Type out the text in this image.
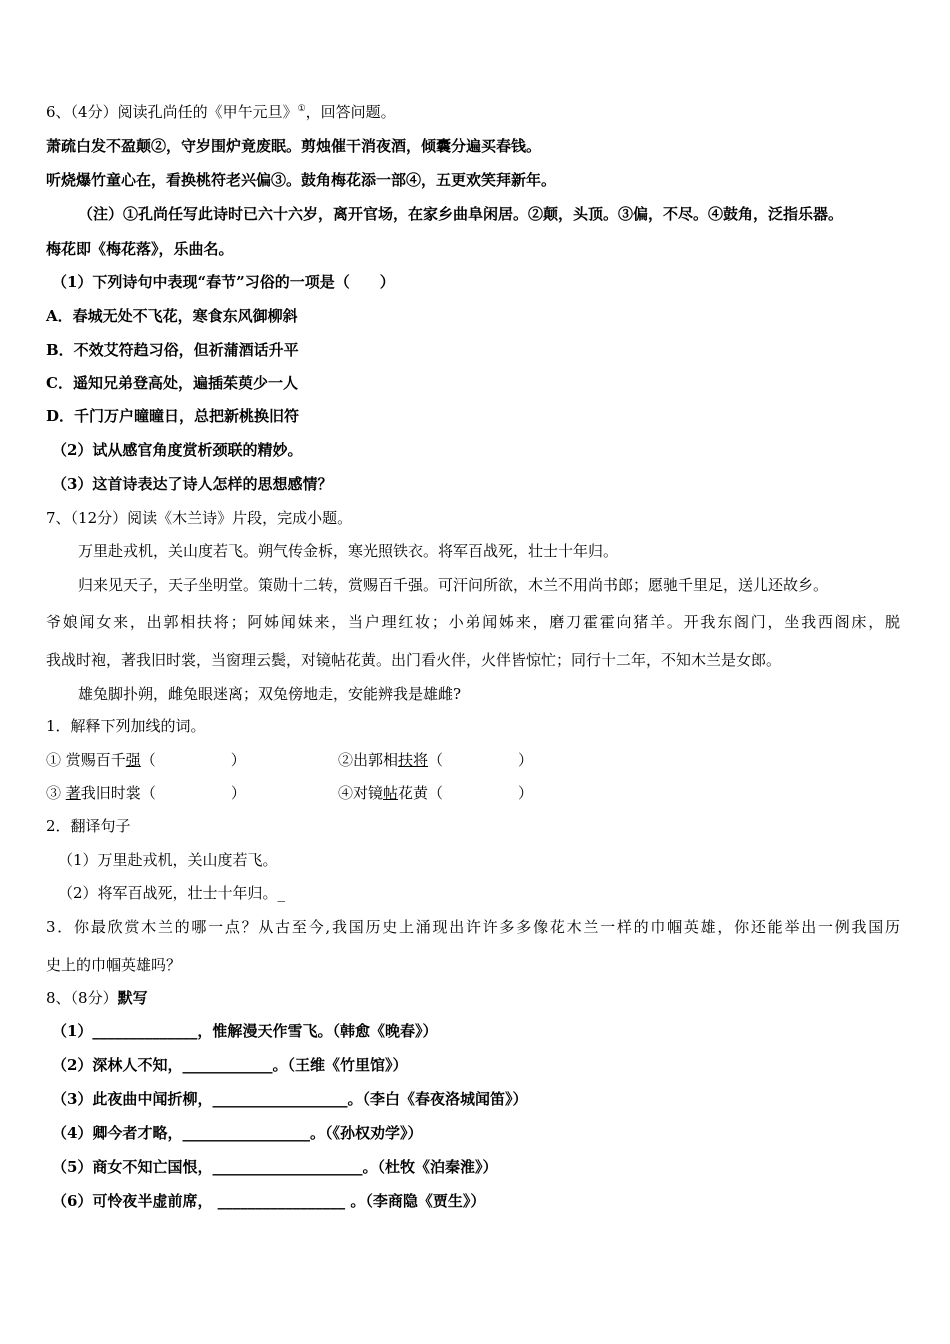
6、（4分）阅读孔尚任的《甲午元旦》①，回答问题。
萧疏白发不盈颠②，守岁围炉竟废眠。剪烛催干消夜酒，倾囊分遍买春钱。
听烧爆竹童心在，看换桃符老兴偏③。鼓角梅花添一部④，五更欢笑拜新年。
（注）①孔尚任写此诗时已六十六岁，离开官场，在家乡曲阜闲居。②颠，头顶。③偏，不尽。④鼓角，泛指乐器。
梅花即《梅花落》，乐曲名。
（1）下列诗句中表现“春节”习俗的一项是（　　）
A．春城无处不飞花，寒食东风御柳斜
B．不效艾符趋习俗，但祈蒲酒话升平
C．遥知兄弟登高处，遍插茱萸少一人
D．千门万户曈曈日，总把新桃换旧符
（2）试从感官角度赏析颈联的精妙。
（3）这首诗表达了诗人怎样的思想感情？
7、（12分）阅读《木兰诗》片段，完成小题。
万里赴戎机，关山度若飞。朔气传金柝，寒光照铁衣。将军百战死，壮士十年归。
归来见天子，天子坐明堂。策勋十二转，赏赐百千强。可汗问所欲，木兰不用尚书郎；愿驰千里足，送儿还故乡。
爷娘闻女来，出郭相扶将；阿姊闻妹来，当户理红妆；小弟闻姊来，磨刀霍霍向猪羊。开我东阁门，坐我西阁床，脱
我战时袍，著我旧时裳，当窗理云鬓，对镜帖花黄。出门看火伴，火伴皆惊忙；同行十二年，不知木兰是女郎。
雄兔脚扑朔，雌兔眼迷离；双兔傍地走，安能辨我是雄雌?
1．解释下列加线的词。
① 赏赐百千强（　　　　　）	②出郭相扶将（　　　　　）
③ 著我旧时裳（　　　　　）	④对镜帖花黄（　　　　　）
2．翻译句子
（1）万里赴戎机，关山度若飞。
（2）将军百战死，壮士十年归。_
3．你最欣赏木兰的哪一点？从古至今,我国历史上涌现出许许多多像花木兰一样的巾帼英雄，你还能举出一例我国历
史上的巾帼英雄吗？
8、（8分）默写
（1）______________，惟解漫天作雪飞。（韩愈《晚春》）
（2）深林人不知，____________。（王维《竹里馆》）
（3）此夜曲中闻折柳，__________________。（李白《春夜洛城闻笛》）
（4）卿今者才略，_________________。（《孙权劝学》）
（5）商女不知亡国恨，____________________。（杜牧《泊秦淮》）
（6）可怜夜半虚前席， _________________ 。（李商隐《贾生》）
